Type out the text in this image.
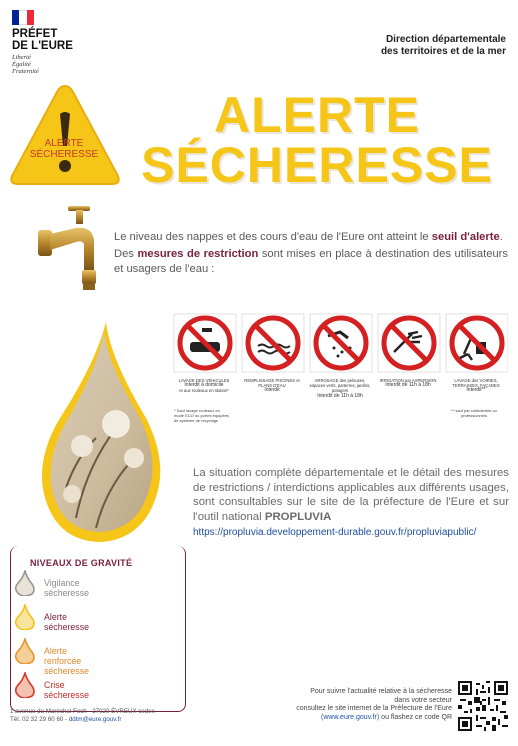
PRÉFET
DE L'EURE
Liberté
Égalité
Fraternité
Direction départementale
des territoires et de la mer
ALERTE
SÉCHERESSE
ALERTE
SÉCHERESSE

Le niveau des nappes et des cours d'eau de l'Eure ont atteint le seuil d'alerte.

Des mesures de restriction sont mises en place à destination des utilisateurs et usagers de l'eau :

LAVAGE DES VÉHICULES
Interdit à domicile
et aux rouleaux en station*
REMPLISSAGE PISCINES et PLANS D'EAU
Interdit
ARROSAGE des pelouses, espaces verts, parterres, jardins, potagers
Interdit de 11h à 18h
IRRIGATION par ASPERSION
Interdit de 11h à 18h
LAVAGE des VOIRIES, TERRASSES, FAÇADES
Interdit**
* Sauf lavage rouleaux en
mode ECO ou portes équipées
de système de recyclage
** sauf par collectivités ou
professionnels
La situation complète départementale et le détail des mesures de restrictions / interdictions applicables aux différents usages, sont consultables sur le site de la préfecture de l'Eure et sur l'outil national PROPLUVIA
https://propluvia.developpement-durable.gouv.fr/propluviapublic/
NIVEAUX DE GRAVITÉ
Vigilance sécheresse
Alerte sécheresse
Alerte renforcée sécheresse
Crise sécheresse
1 avenue du Maréchal Foch - 27020 ÉVREUX cedex
Tél. 02 32 29 60 60 - ddtm@eure.gouv.fr
Pour suivre l'actualité relative à la sécheresse
dans votre secteur
consultez le site internet de la Préfecture de l'Eure
(www.eure.gouv.fr) ou flashez ce code QR
